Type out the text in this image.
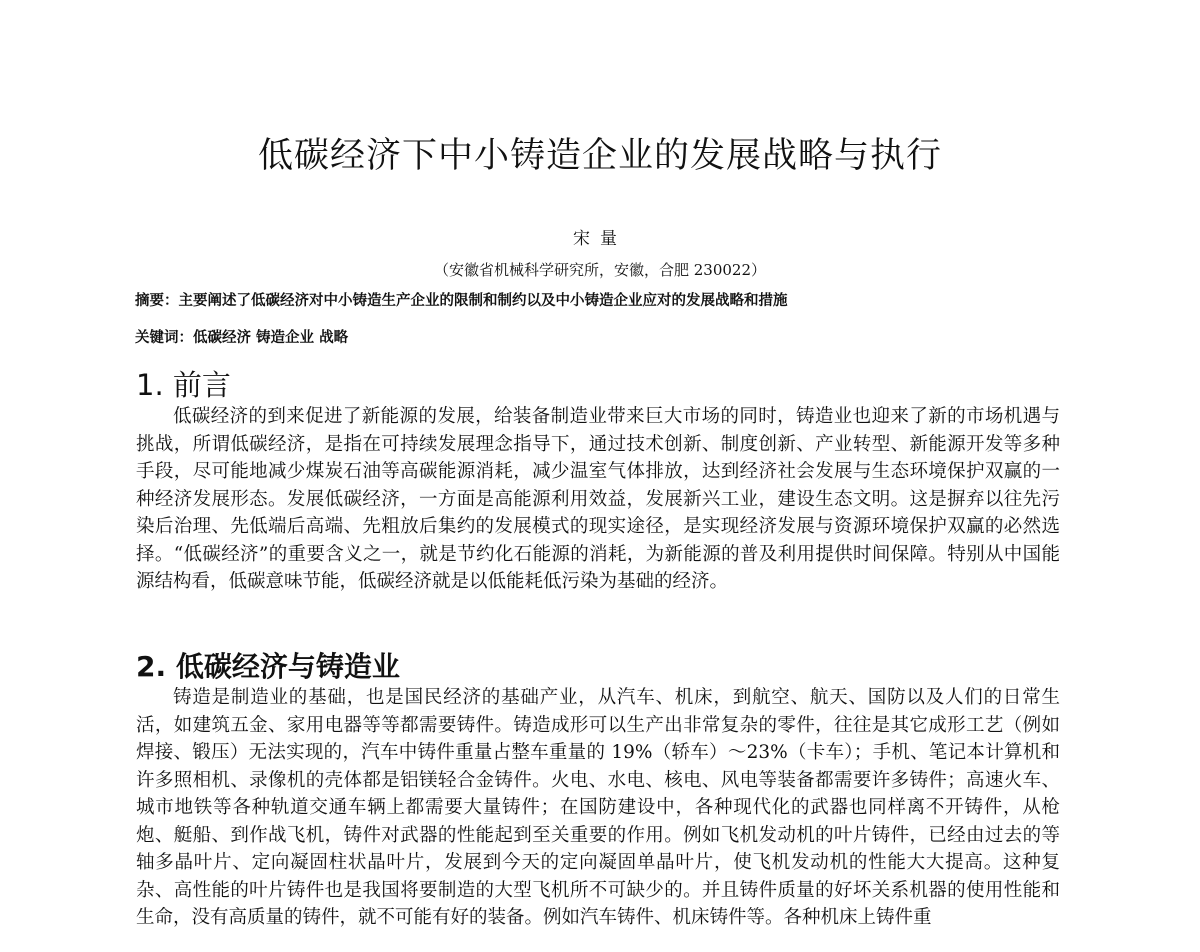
低碳经济下中小铸造企业的发展战略与执行
宋量
（安徽省机械科学研究所，安徽，合肥 230022）
摘要：主要阐述了低碳经济对中小铸造生产企业的限制和制约以及中小铸造企业应对的发展战略和措施
关键词：低碳经济 铸造企业 战略
1. 前言

低碳经济的到来促进了新能源的发展，给装备制造业带来巨大市场的同时，铸造业也迎来了新的市场机遇与挑战，所谓低碳经济，是指在可持续发展理念指导下，通过技术创新、制度创新、产业转型、新能源开发等多种手段，尽可能地减少煤炭石油等高碳能源消耗，减少温室气体排放，达到经济社会发展与生态环境保护双赢的一种经济发展形态。发展低碳经济，一方面是高能源利用效益，发展新兴工业，建设生态文明。这是摒弃以往先污染后治理、先低端后高端、先粗放后集约的发展模式的现实途径，是实现经济发展与资源环境保护双赢的必然选择。“低碳经济”的重要含义之一，就是节约化石能源的消耗，为新能源的普及利用提供时间保障。特别从中国能源结构看，低碳意味节能，低碳经济就是以低能耗低污染为基础的经济。

2. 低碳经济与铸造业

铸造是制造业的基础，也是国民经济的基础产业，从汽车、机床，到航空、航天、国防以及人们的日常生活，如建筑五金、家用电器等等都需要铸件。铸造成形可以生产出非常复杂的零件，往往是其它成形工艺（例如焊接、锻压）无法实现的，汽车中铸件重量占整车重量的 19%（轿车）～23%（卡车）；手机、笔记本计算机和许多照相机、录像机的壳体都是铝镁轻合金铸件。火电、水电、核电、风电等装备都需要许多铸件；高速火车、城市地铁等各种轨道交通车辆上都需要大量铸件；在国防建设中，各种现代化的武器也同样离不开铸件，从枪炮、艇船、到作战飞机，铸件对武器的性能起到至关重要的作用。例如飞机发动机的叶片铸件，已经由过去的等轴多晶叶片、定向凝固柱状晶叶片，发展到今天的定向凝固单晶叶片，使飞机发动机的性能大大提高。这种复杂、高性能的叶片铸件也是我国将要制造的大型飞机所不可缺少的。并且铸件质量的好坏关系机器的使用性能和生命，没有高质量的铸件，就不可能有好的装备。例如汽车铸件、机床铸件等。各种机床上铸件重
